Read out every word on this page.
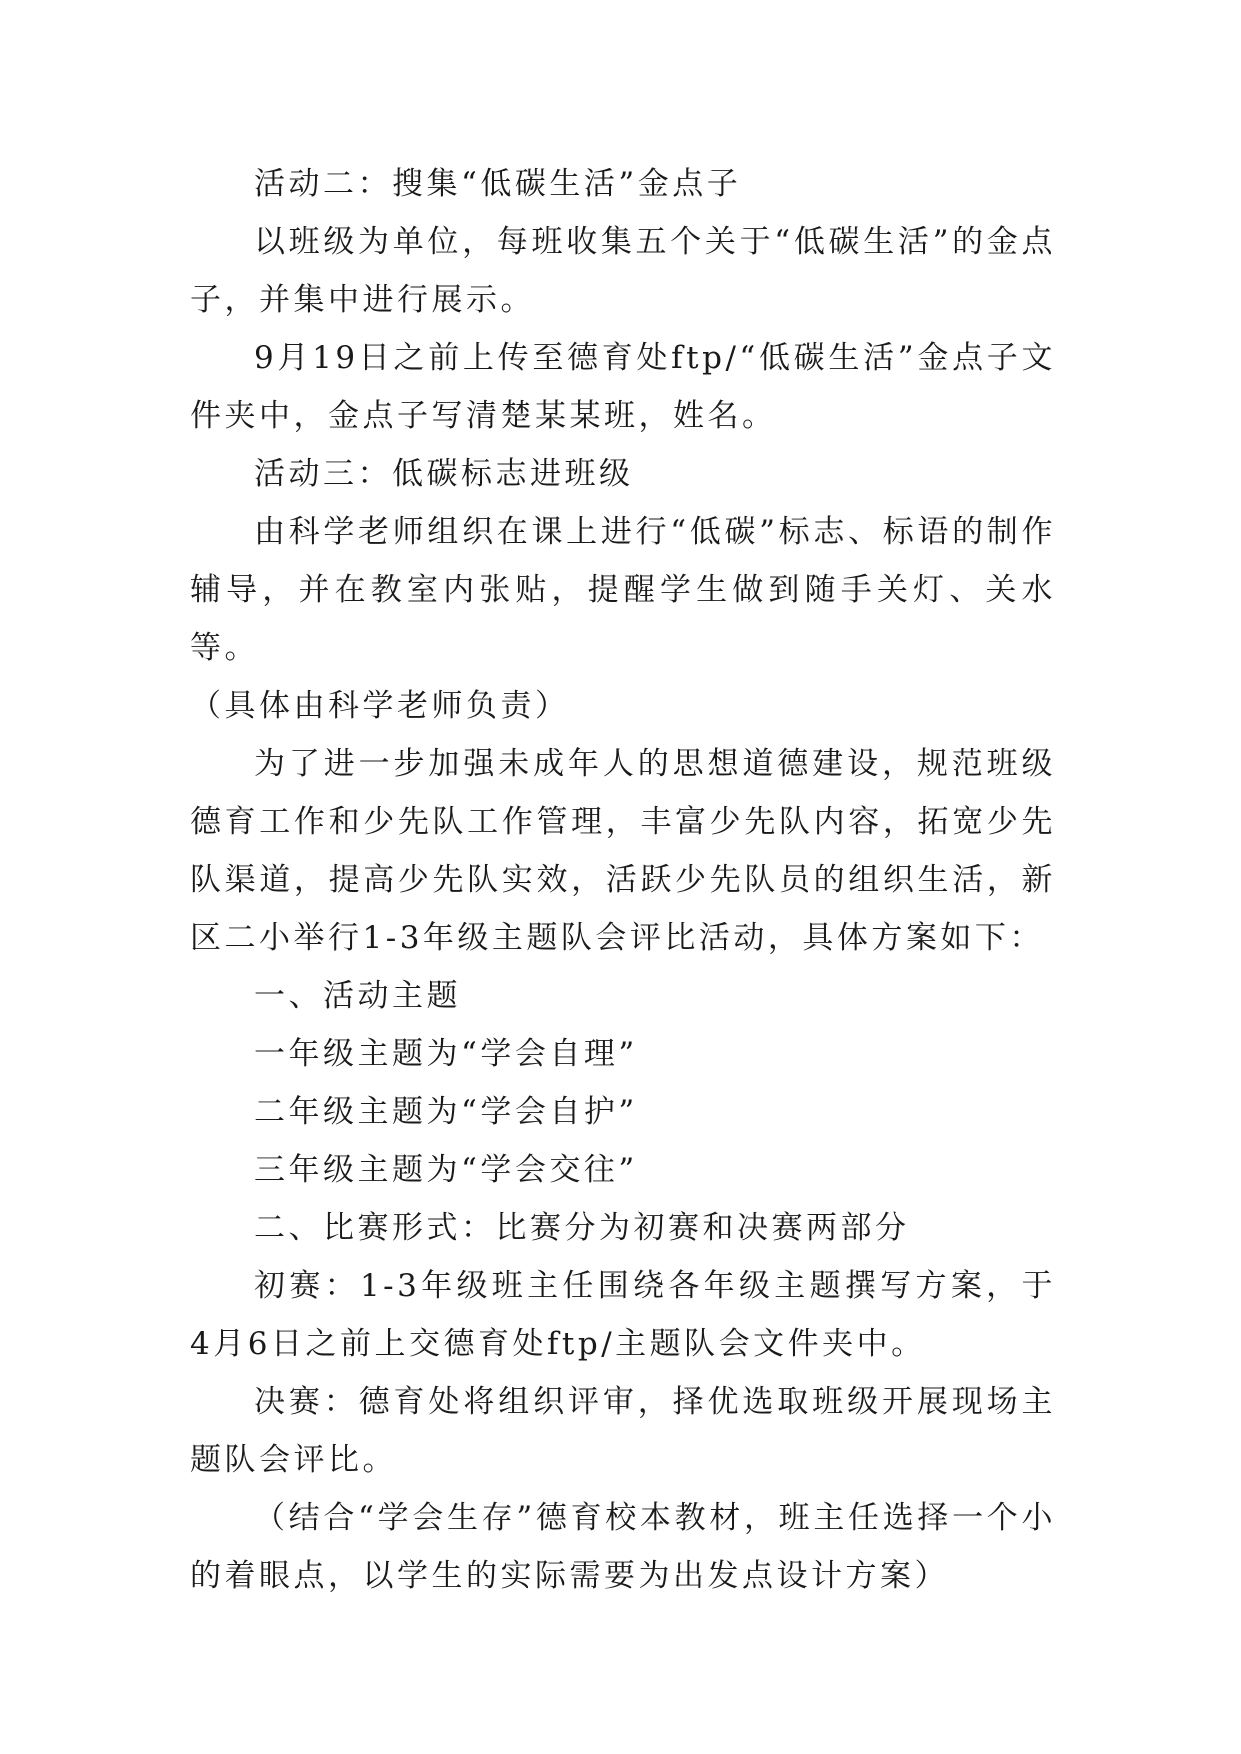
活动二：搜集“低碳生活”金点子

以班级为单位，每班收集五个关于“低碳生活”的金点子，并集中进行展示。

9月19日之前上传至德育处ftp/“低碳生活”金点子文件夹中，金点子写清楚某某班，姓名。

活动三：低碳标志进班级

由科学老师组织在课上进行“低碳”标志、标语的制作辅导，并在教室内张贴，提醒学生做到随手关灯、关水等。

（具体由科学老师负责）

为了进一步加强未成年人的思想道德建设，规范班级德育工作和少先队工作管理，丰富少先队内容，拓宽少先队渠道，提高少先队实效，活跃少先队员的组织生活，新区二小举行1-3年级主题队会评比活动，具体方案如下：

一、活动主题

一年级主题为“学会自理”

二年级主题为“学会自护”

三年级主题为“学会交往”

二、比赛形式：比赛分为初赛和决赛两部分

初赛：1-3年级班主任围绕各年级主题撰写方案，于4月6日之前上交德育处ftp/主题队会文件夹中。

决赛：德育处将组织评审，择优选取班级开展现场主题队会评比。

（结合“学会生存”德育校本教材，班主任选择一个小的着眼点，以学生的实际需要为出发点设计方案）
